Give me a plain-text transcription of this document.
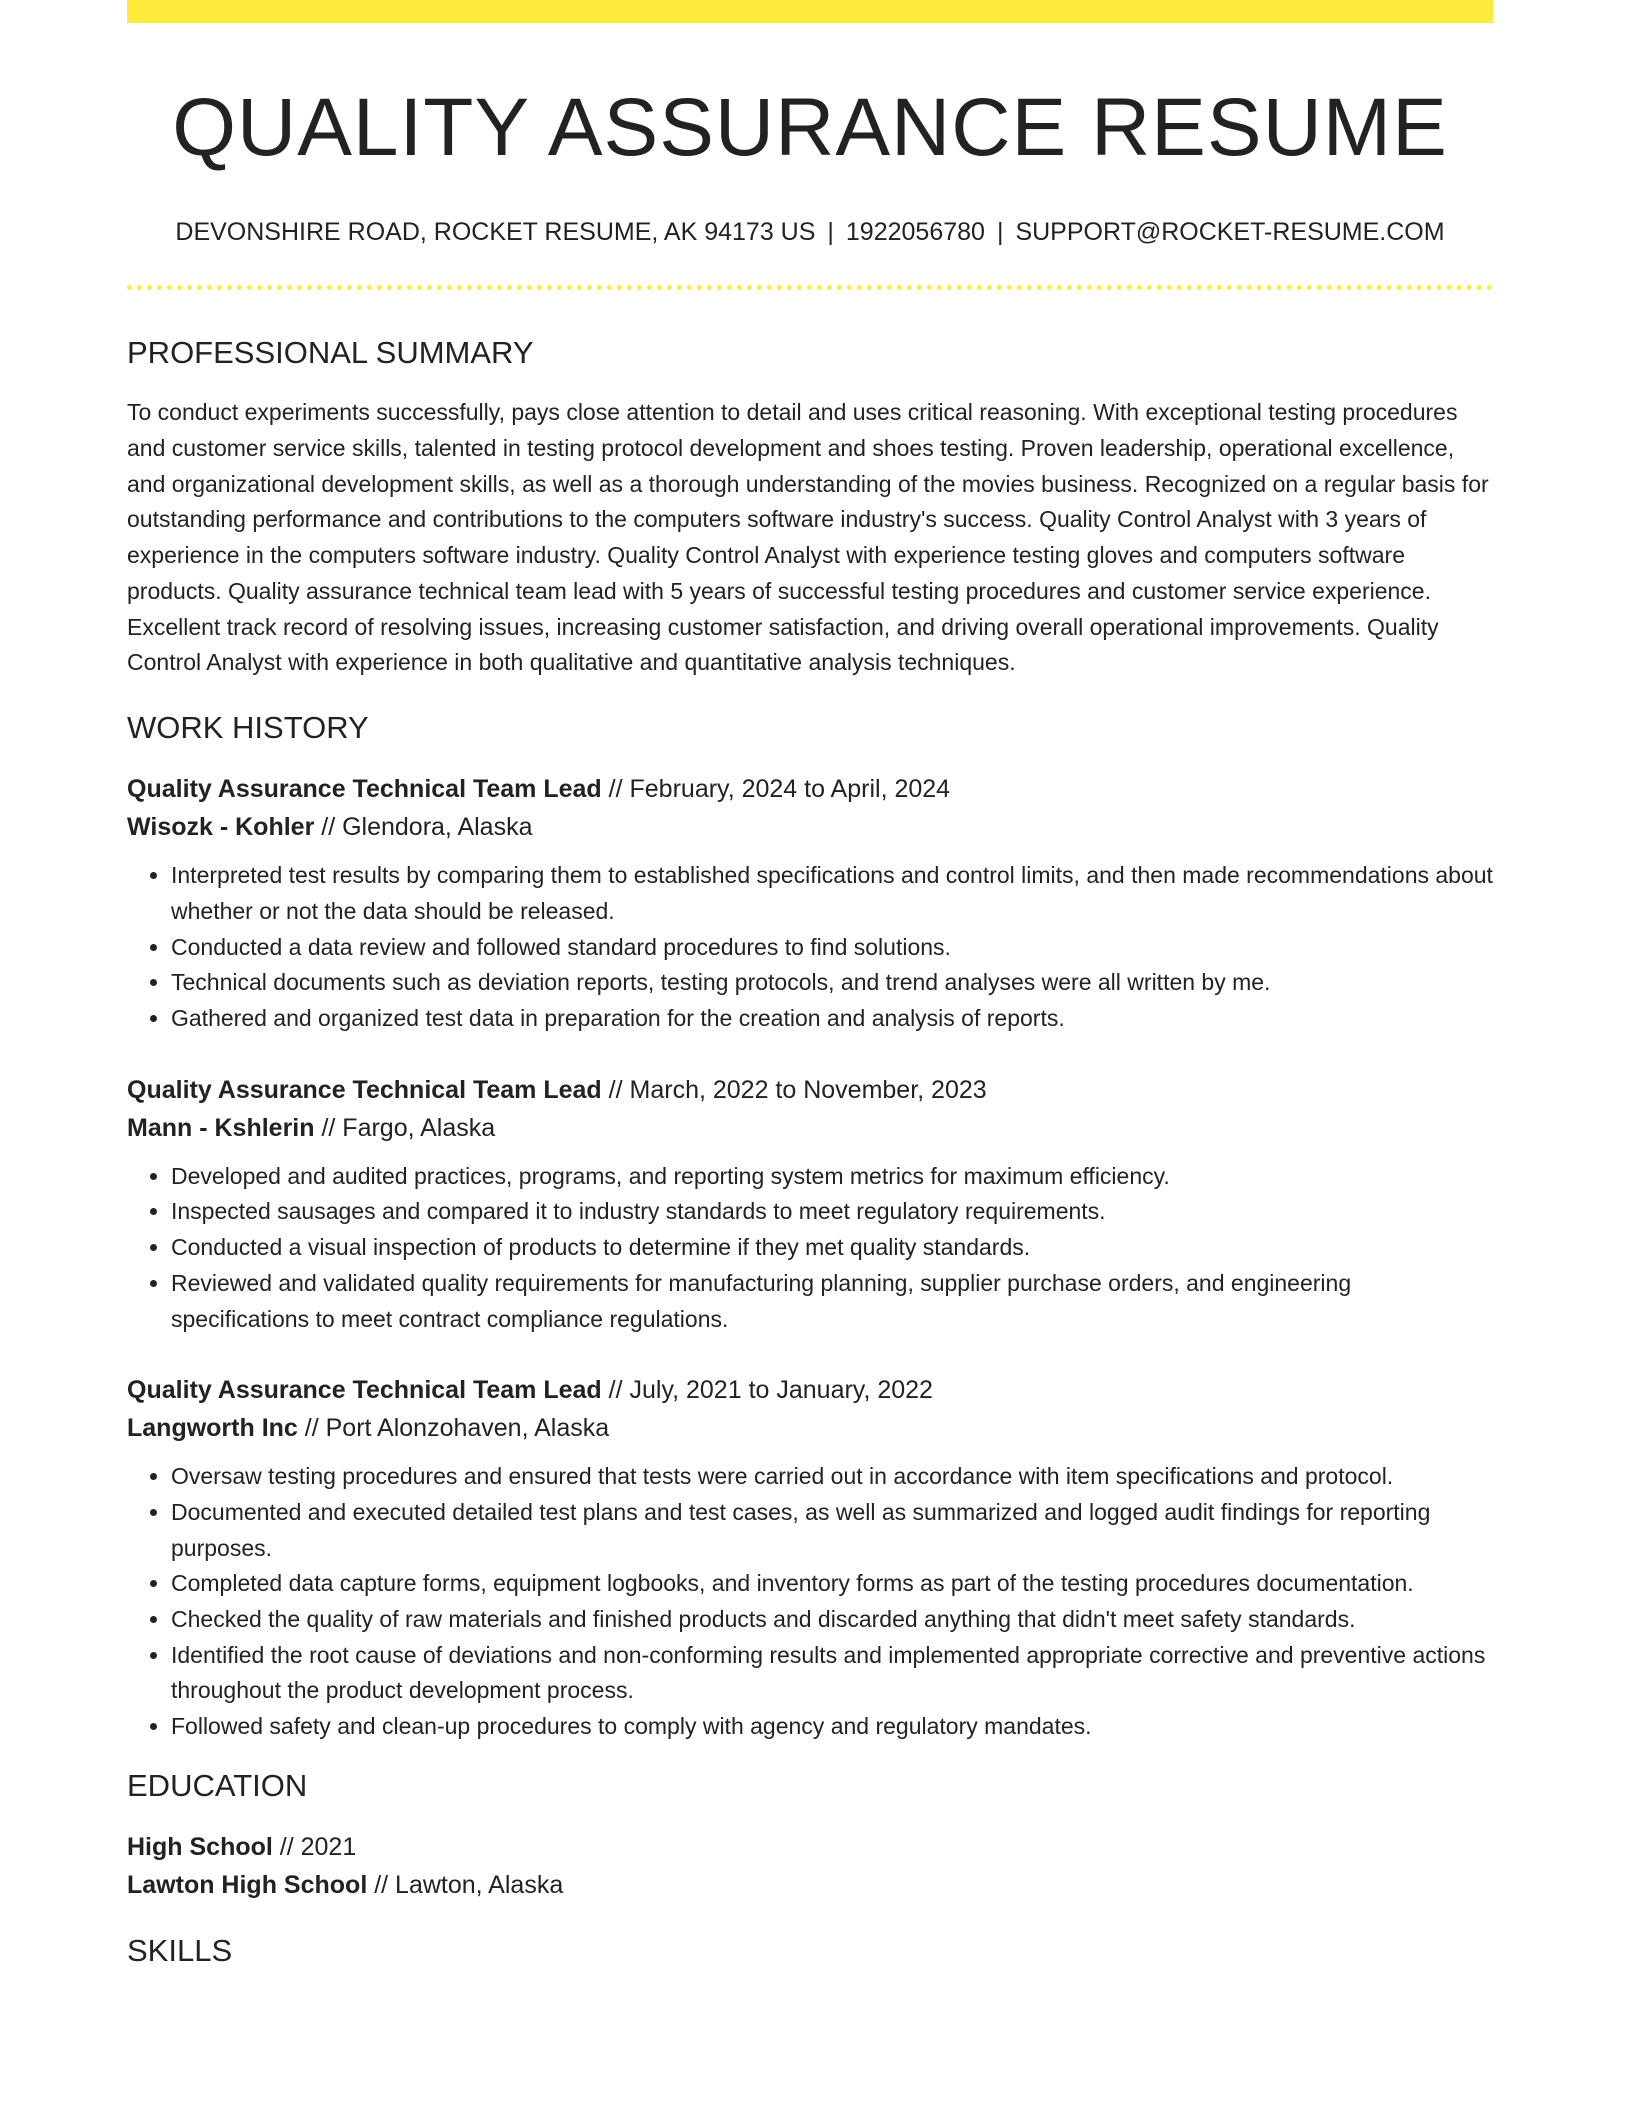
QUALITY ASSURANCE RESUME
DEVONSHIRE ROAD, ROCKET RESUME, AK 94173 US | 1922056780 | SUPPORT@ROCKET-RESUME.COM
PROFESSIONAL SUMMARY
To conduct experiments successfully, pays close attention to detail and uses critical reasoning. With exceptional testing procedures and customer service skills, talented in testing protocol development and shoes testing. Proven leadership, operational excellence, and organizational development skills, as well as a thorough understanding of the movies business. Recognized on a regular basis for outstanding performance and contributions to the computers software industry's success. Quality Control Analyst with 3 years of experience in the computers software industry. Quality Control Analyst with experience testing gloves and computers software products. Quality assurance technical team lead with 5 years of successful testing procedures and customer service experience. Excellent track record of resolving issues, increasing customer satisfaction, and driving overall operational improvements. Quality Control Analyst with experience in both qualitative and quantitative analysis techniques.
WORK HISTORY
Quality Assurance Technical Team Lead // February, 2024 to April, 2024
Wisozk - Kohler // Glendora, Alaska
• Interpreted test results by comparing them to established specifications and control limits, and then made recommendations about whether or not the data should be released.
• Conducted a data review and followed standard procedures to find solutions.
• Technical documents such as deviation reports, testing protocols, and trend analyses were all written by me.
• Gathered and organized test data in preparation for the creation and analysis of reports.
Quality Assurance Technical Team Lead // March, 2022 to November, 2023
Mann - Kshlerin // Fargo, Alaska
• Developed and audited practices, programs, and reporting system metrics for maximum efficiency.
• Inspected sausages and compared it to industry standards to meet regulatory requirements.
• Conducted a visual inspection of products to determine if they met quality standards.
• Reviewed and validated quality requirements for manufacturing planning, supplier purchase orders, and engineering specifications to meet contract compliance regulations.
Quality Assurance Technical Team Lead // July, 2021 to January, 2022
Langworth Inc // Port Alonzohaven, Alaska
• Oversaw testing procedures and ensured that tests were carried out in accordance with item specifications and protocol.
• Documented and executed detailed test plans and test cases, as well as summarized and logged audit findings for reporting purposes.
• Completed data capture forms, equipment logbooks, and inventory forms as part of the testing procedures documentation.
• Checked the quality of raw materials and finished products and discarded anything that didn't meet safety standards.
• Identified the root cause of deviations and non-conforming results and implemented appropriate corrective and preventive actions throughout the product development process.
• Followed safety and clean-up procedures to comply with agency and regulatory mandates.
EDUCATION
High School // 2021
Lawton High School // Lawton, Alaska
SKILLS
